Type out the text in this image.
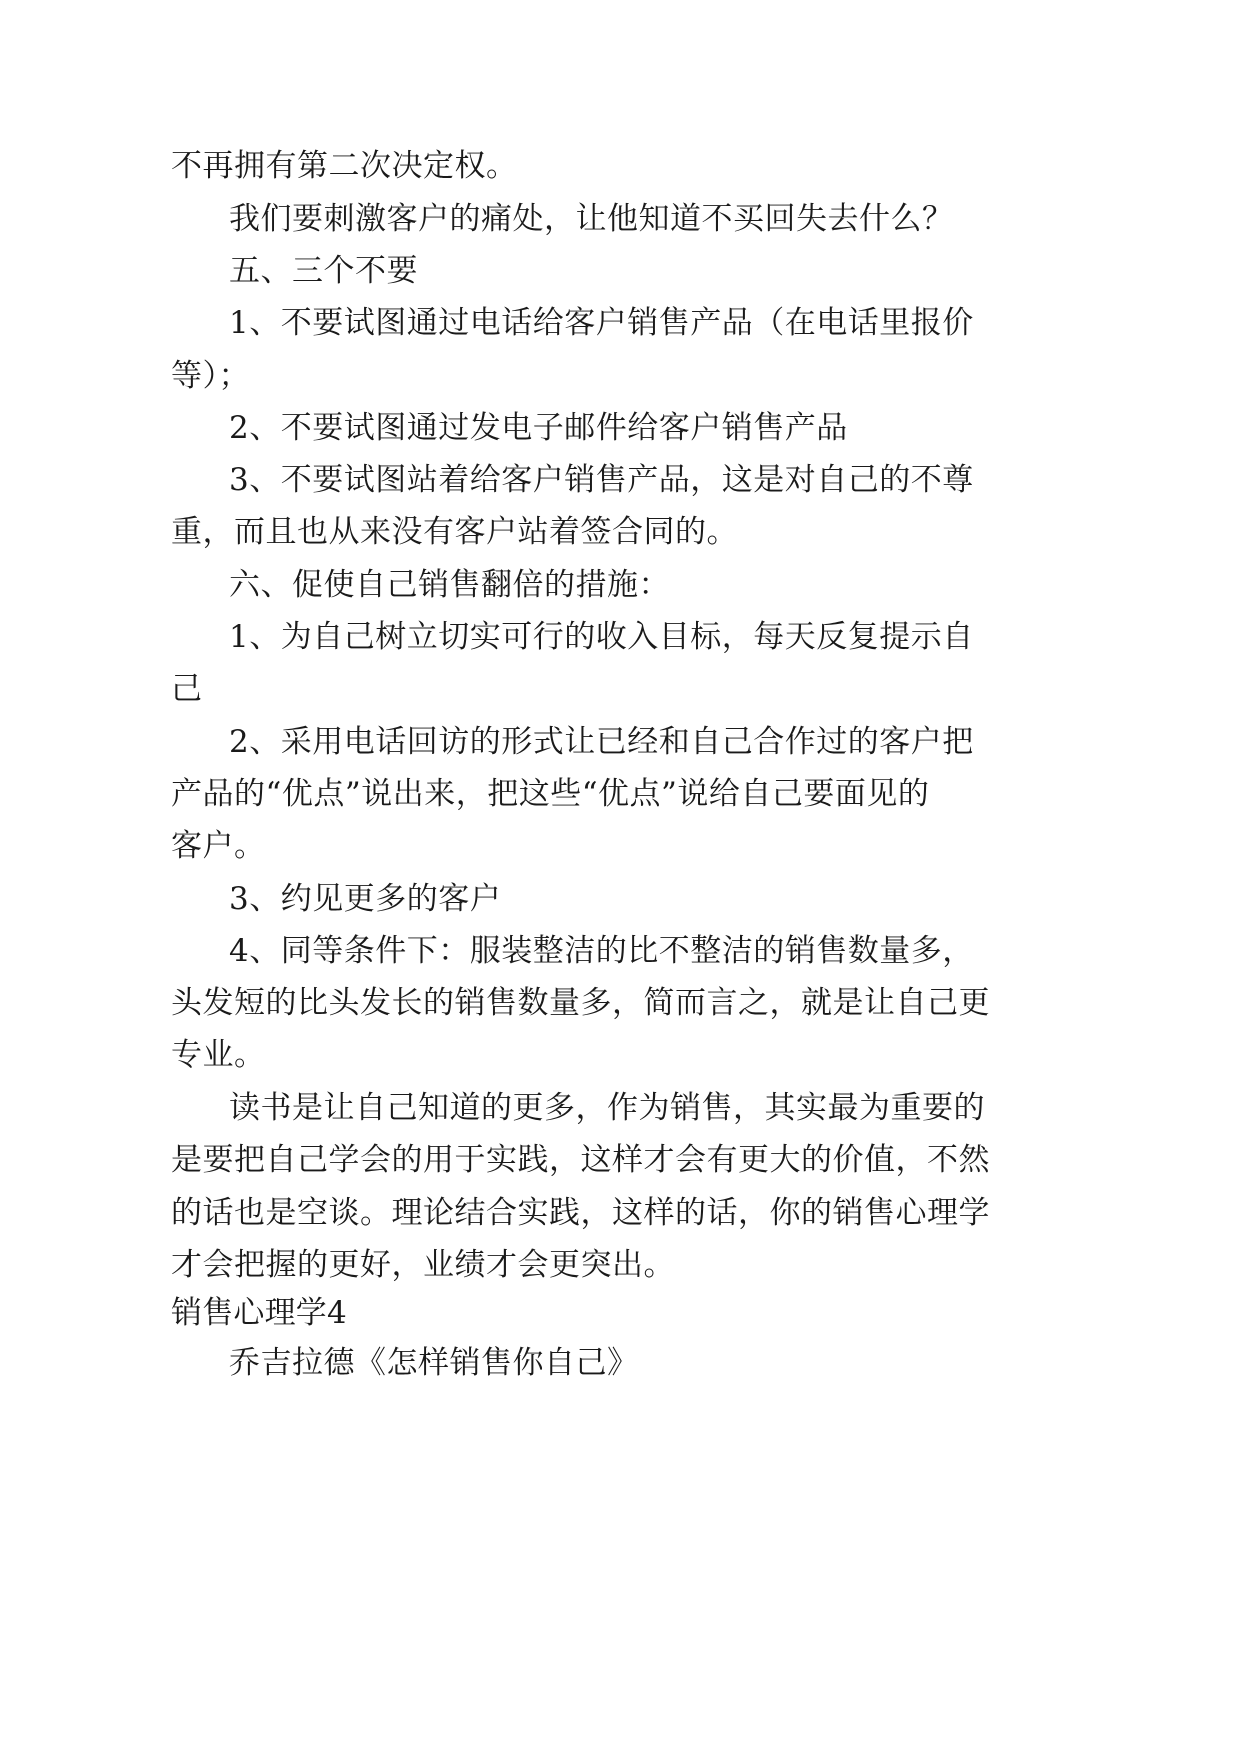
不再拥有第二次决定权。
我们要刺激客户的痛处，让他知道不买回失去什么？
五、三个不要
1、不要试图通过电话给客户销售产品（在电话里报价
等）；
2、不要试图通过发电子邮件给客户销售产品
3、不要试图站着给客户销售产品，这是对自己的不尊
重，而且也从来没有客户站着签合同的。
六、促使自己销售翻倍的措施：
1、为自己树立切实可行的收入目标，每天反复提示自
己
2、采用电话回访的形式让已经和自己合作过的客户把
产品的“优点”说出来，把这些“优点”说给自己要面见的
客户。
3、约见更多的客户
4、同等条件下：服装整洁的比不整洁的销售数量多，
头发短的比头发长的销售数量多，简而言之，就是让自己更
专业。
读书是让自己知道的更多，作为销售，其实最为重要的
是要把自己学会的用于实践，这样才会有更大的价值，不然
的话也是空谈。理论结合实践，这样的话，你的销售心理学
才会把握的更好，业绩才会更突出。
销售心理学4
乔吉拉德《怎样销售你自己》
